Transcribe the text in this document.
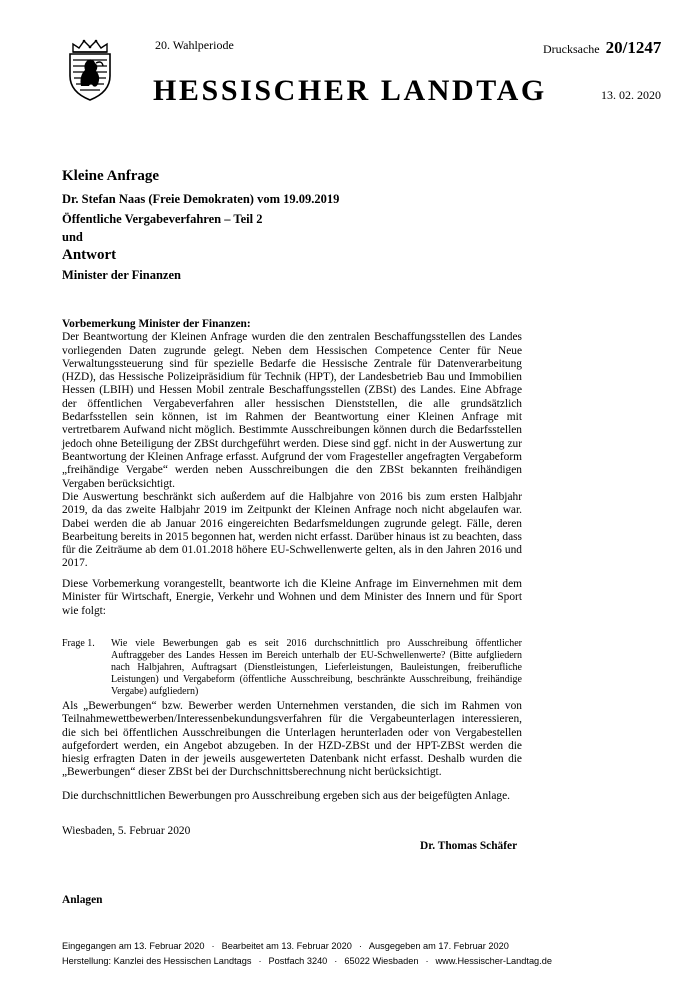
20. Wahlperiode	Drucksache 20/1247
HESSISCHER LANDTAG	13. 02. 2020
Kleine Anfrage
Dr. Stefan Naas (Freie Demokraten) vom 19.09.2019
Öffentliche Vergabeverfahren – Teil 2
und
Antwort
Minister der Finanzen
Vorbemerkung Minister der Finanzen:
Der Beantwortung der Kleinen Anfrage wurden die den zentralen Beschaffungsstellen des Landes vorliegenden Daten zugrunde gelegt. Neben dem Hessischen Competence Center für Neue Verwaltungssteuerung sind für spezielle Bedarfe die Hessische Zentrale für Datenverarbeitung (HZD), das Hessische Polizeipräsidium für Technik (HPT), der Landesbetrieb Bau und Immobilien Hessen (LBIH) und Hessen Mobil zentrale Beschaffungsstellen (ZBSt) des Landes. Eine Abfrage der öffentlichen Vergabeverfahren aller hessischen Dienststellen, die alle grundsätzlich Bedarfsstellen sein können, ist im Rahmen der Beantwortung einer Kleinen Anfrage mit vertretbarem Aufwand nicht möglich. Bestimmte Ausschreibungen können durch die Bedarfsstellen jedoch ohne Beteiligung der ZBSt durchgeführt werden. Diese sind ggf. nicht in der Auswertung zur Beantwortung der Kleinen Anfrage erfasst. Aufgrund der vom Fragesteller angefragten Vergabeform „freihändige Vergabe“ werden neben Ausschreibungen die den ZBSt bekannten freihändigen Vergaben berücksichtigt.
Die Auswertung beschränkt sich außerdem auf die Halbjahre von 2016 bis zum ersten Halbjahr 2019, da das zweite Halbjahr 2019 im Zeitpunkt der Kleinen Anfrage noch nicht abgelaufen war. Dabei werden die ab Januar 2016 eingereichten Bedarfsmeldungen zugrunde gelegt. Fälle, deren Bearbeitung bereits in 2015 begonnen hat, werden nicht erfasst. Darüber hinaus ist zu beachten, dass für die Zeiträume ab dem 01.01.2018 höhere EU-Schwellenwerte gelten, als in den Jahren 2016 und 2017.
Diese Vorbemerkung vorangestellt, beantworte ich die Kleine Anfrage im Einvernehmen mit dem Minister für Wirtschaft, Energie, Verkehr und Wohnen und dem Minister des Innern und für Sport wie folgt:
Frage 1. Wie viele Bewerbungen gab es seit 2016 durchschnittlich pro Ausschreibung öffentlicher Auftraggeber des Landes Hessen im Bereich unterhalb der EU-Schwellenwerte? (Bitte aufgliedern nach Halbjahren, Auftragsart (Dienstleistungen, Lieferleistungen, Bauleistungen, freiberufliche Leistungen) und Vergabeform (öffentliche Ausschreibung, beschränkte Ausschreibung, freihändige Vergabe) aufgliedern)
Als „Bewerbungen“ bzw. Bewerber werden Unternehmen verstanden, die sich im Rahmen von Teilnahmewettbewerben/Interessenbekundungsverfahren für die Vergabeunterlagen interessieren, die sich bei öffentlichen Ausschreibungen die Unterlagen herunterladen oder von Vergabestellen aufgefordert werden, ein Angebot abzugeben. In der HZD-ZBSt und der HPT-ZBSt werden die hiesig erfragten Daten in der jeweils ausgewerteten Datenbank nicht erfasst. Deshalb wurden die „Bewerbungen“ dieser ZBSt bei der Durchschnittsberechnung nicht berücksichtigt.
Die durchschnittlichen Bewerbungen pro Ausschreibung ergeben sich aus der beigefügten Anlage.
Wiesbaden, 5. Februar 2020
Dr. Thomas Schäfer
Anlagen
Eingegangen am 13. Februar 2020 · Bearbeitet am 13. Februar 2020 · Ausgegeben am 17. Februar 2020
Herstellung: Kanzlei des Hessischen Landtags · Postfach 3240 · 65022 Wiesbaden · www.Hessischer-Landtag.de
